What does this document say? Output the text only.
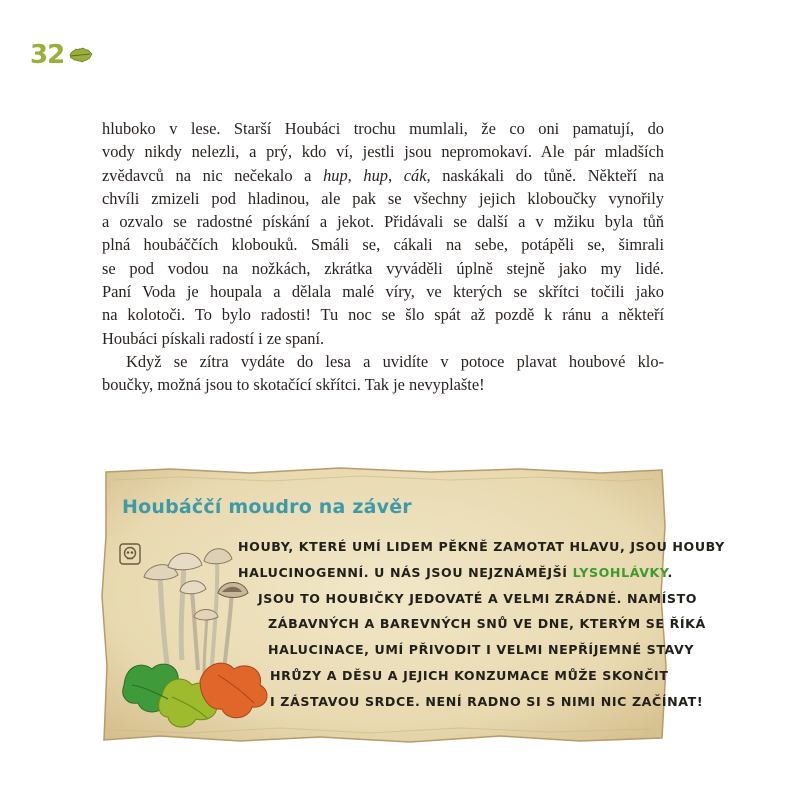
32

hluboko v lese. Starší Houbáci trochu mumlali, že co oni pamatují, do
vody nikdy nelezli, a prý, kdo ví, jestli jsou nepromokaví. Ale pár mladších
zvědavců na nic nečekalo a hup, hup, cák, naskákali do tůně. Někteří na
chvíli zmizeli pod hladinou, ale pak se všechny jejich kloboučky vynořily
a ozvalo se radostné pískání a jekot. Přidávali se další a v mžiku byla tůň
plná houbáččích klobouků. Smáli se, cákali na sebe, potápěli se, šimrali
se pod vodou na nožkách, zkrátka vyváděli úplně stejně jako my lidé.
Paní Voda je houpala a dělala malé víry, ve kterých se skřítci točili jako
na kolotoči. To bylo radosti! Tu noc se šlo spát až pozdě k ránu a někteří
Houbáci pískali radostí i ze spaní.

Když se zítra vydáte do lesa a uvidíte v potoce plavat houbové klo-
boučky, možná jsou to skotačící skřítci. Tak je nevyplašte!

Houbáččí moudro na závěr
HOUBY, KTERÉ UMÍ LIDEM PĚKNĚ ZAMOTAT HLAVU, JSOU HOUBY
HALUCINOGENNÍ. U NÁS JSOU NEJZNÁMĚJŠÍ LYSOHLÁVKY.
JSOU TO HOUBIČKY JEDOVATÉ A VELMI ZRÁDNÉ. NAMÍSTO
ZÁBAVNÝCH A BAREVNÝCH SNŮ VE DNE, KTERÝM SE ŘÍKÁ
HALUCINACE, UMÍ PŘIVODIT I VELMI NEPŘÍJEMNÉ STAVY
HRŮZY A DĚSU A JEJICH KONZUMACE MŮŽE SKONČIT
I ZÁSTAVOU SRDCE. NENÍ RADNO SI S NIMI NIC ZAČÍNAT!
